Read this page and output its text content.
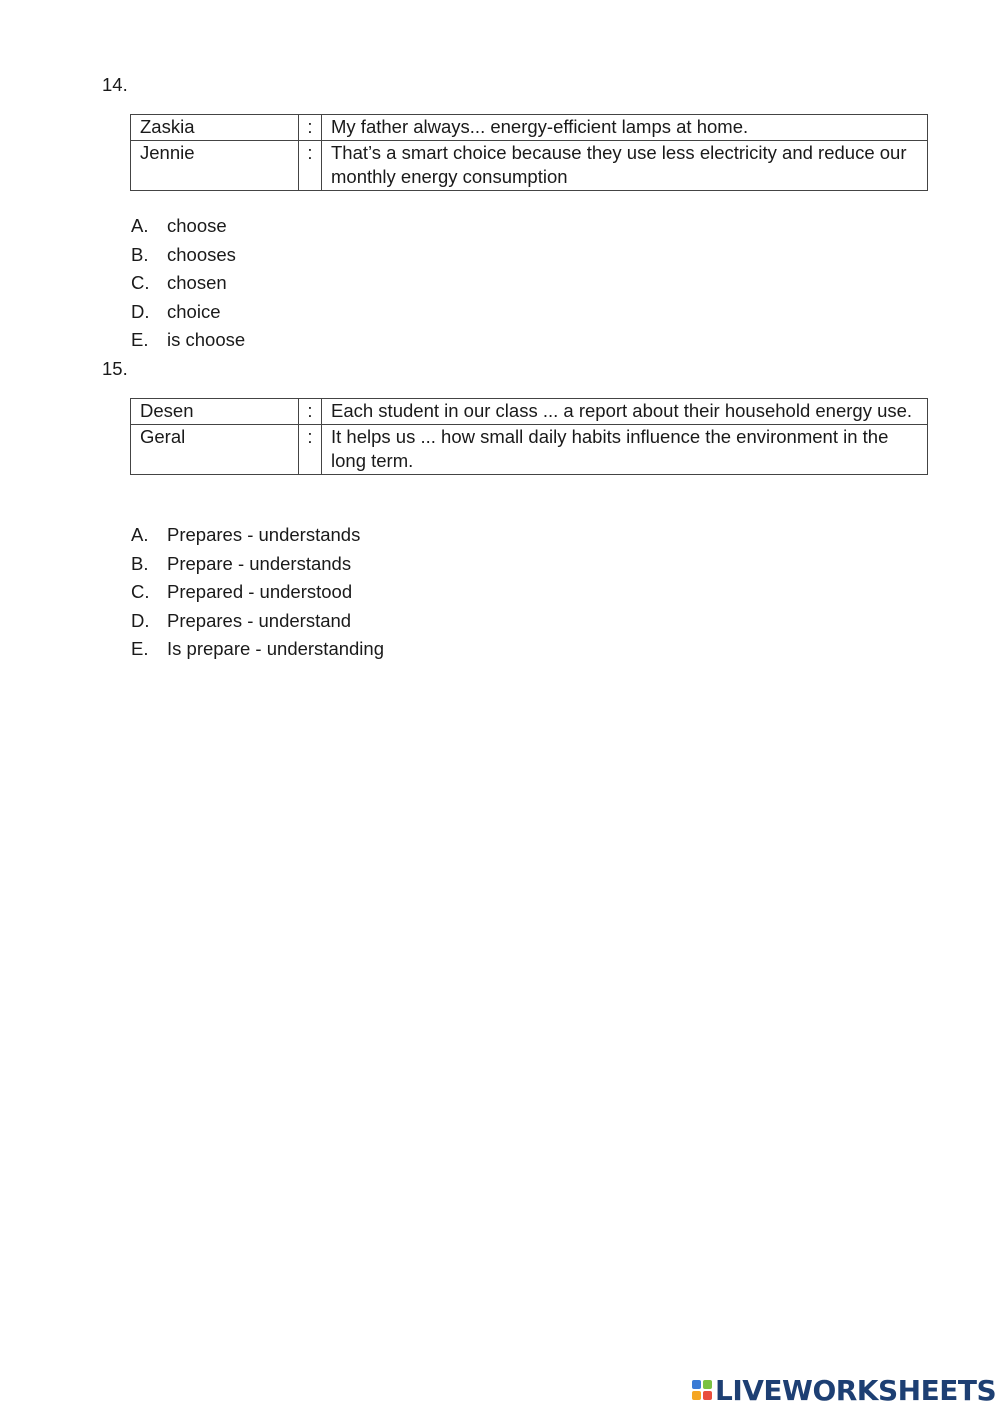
14.
Zaskia	:	My father always... energy-efficient lamps at home.
Jennie	:	That’s a smart choice because they use less electricity and reduce our monthly energy consumption
A. choose
B. chooses
C. chosen
D. choice
E. is choose
15.
Desen	:	Each student in our class ... a report about their household energy use.
Geral	:	It helps us ... how small daily habits influence the environment in the long term.
A. Prepares - understands
B. Prepare - understands
C. Prepared - understood
D. Prepares - understand
E. Is prepare - understanding
LIVEWORKSHEETS
